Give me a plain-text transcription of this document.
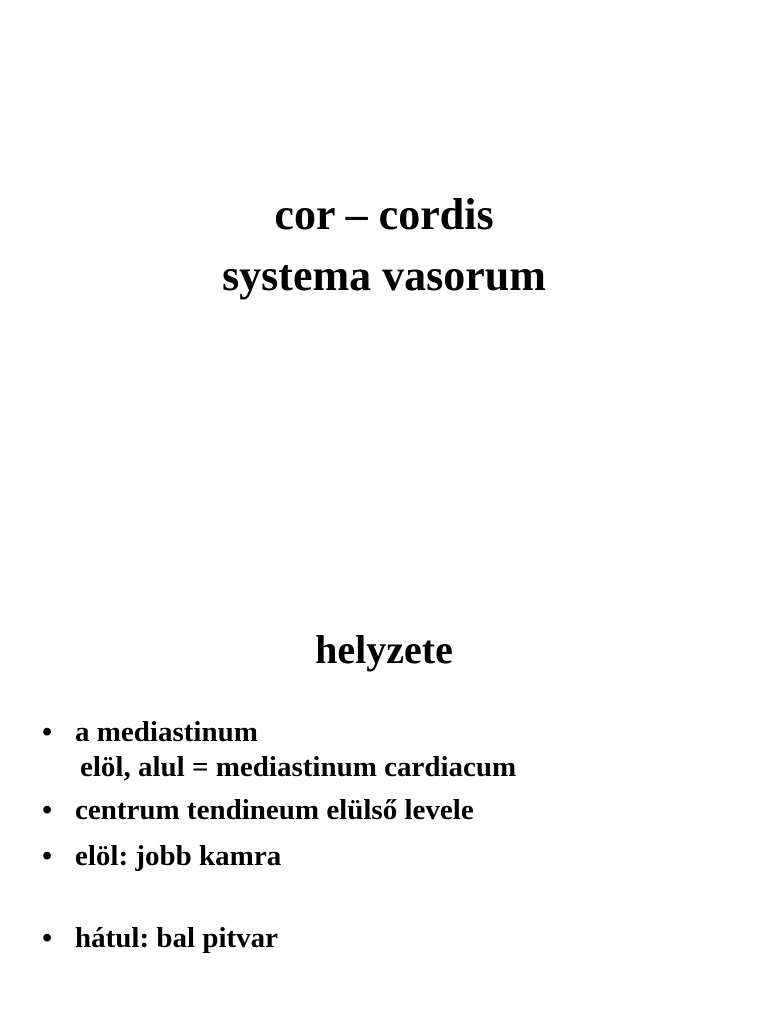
cor – cordis
systema vasorum
helyzete
• a mediastinum
elöl, alul = mediastinum cardiacum
• centrum tendineum elülső levele
• elöl: jobb kamra
• hátul: bal pitvar
